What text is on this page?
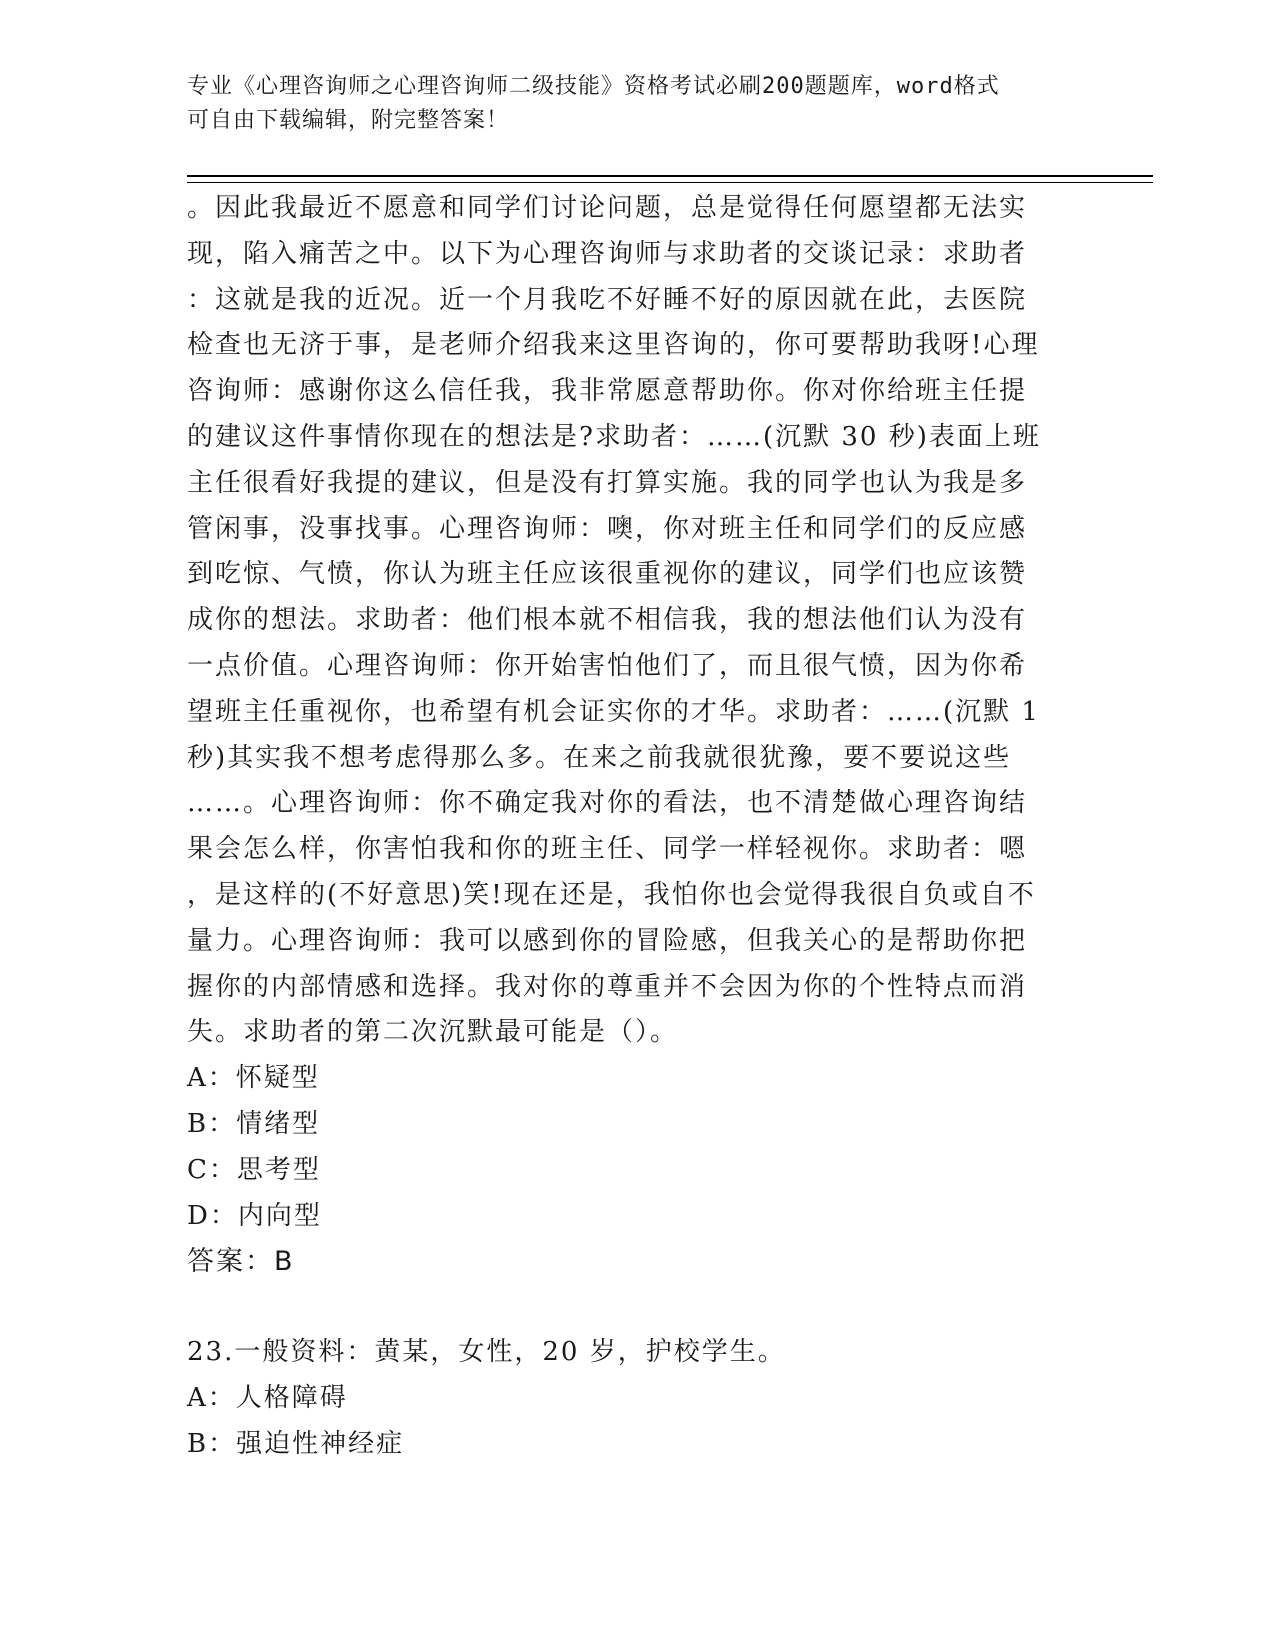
专业《心理咨询师之心理咨询师二级技能》资格考试必刷200题题库，word格式
可自由下载编辑，附完整答案！

。因此我最近不愿意和同学们讨论问题，总是觉得任何愿望都无法实

现，陷入痛苦之中。以下为心理咨询师与求助者的交谈记录：求助者

：这就是我的近况。近一个月我吃不好睡不好的原因就在此，去医院

检查也无济于事，是老师介绍我来这里咨询的，你可要帮助我呀!心理

咨询师：感谢你这么信任我，我非常愿意帮助你。你对你给班主任提

的建议这件事情你现在的想法是?求助者：……(沉默 30 秒)表面上班

主任很看好我提的建议，但是没有打算实施。我的同学也认为我是多

管闲事，没事找事。心理咨询师：噢，你对班主任和同学们的反应感

到吃惊、气愤，你认为班主任应该很重视你的建议，同学们也应该赞

成你的想法。求助者：他们根本就不相信我，我的想法他们认为没有

一点价值。心理咨询师：你开始害怕他们了，而且很气愤，因为你希

望班主任重视你，也希望有机会证实你的才华。求助者：……(沉默 1

秒)其实我不想考虑得那么多。在来之前我就很犹豫，要不要说这些

……。心理咨询师：你不确定我对你的看法，也不清楚做心理咨询结

果会怎么样，你害怕我和你的班主任、同学一样轻视你。求助者：嗯

，是这样的(不好意思)笑!现在还是，我怕你也会觉得我很自负或自不

量力。心理咨询师：我可以感到你的冒险感，但我关心的是帮助你把

握你的内部情感和选择。我对你的尊重并不会因为你的个性特点而消

失。求助者的第二次沉默最可能是（）。

A：怀疑型

B：情绪型

C：思考型

D：内向型

答案：B

23.一般资料：黄某，女性，20 岁，护校学生。

A：人格障碍

B：强迫性神经症
